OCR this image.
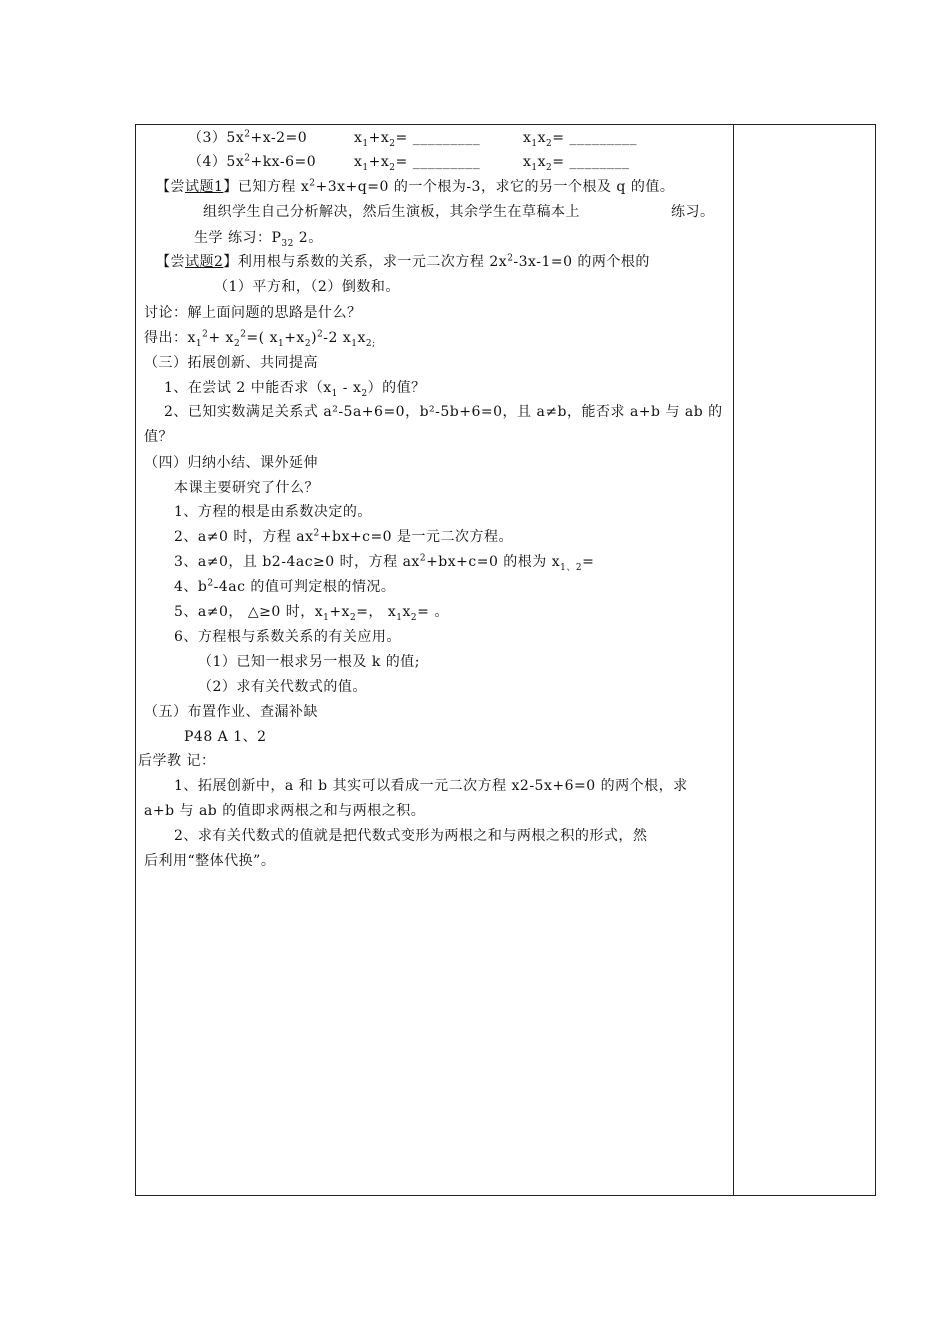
$(3)5x^2+x-2=0$	$x_1+x_2=$ _________	$x_1x_2=$ _________
$(4)5x^2+kx-6=0$	$x_1+x_2=$ _________	$x_1x_2=$ ________
【尝试题1】已知方程 $x^2+3x+q=0$ 的一个根为-3，求它的另一个根及 q 的值。
组织学生自己分析解决，然后生演板，其余学生在草稿本上	练习。
生学 练习：$P_{32}$ 2。
【尝试题2】利用根与系数的关系，求一元二次方程 $2x^2-3x-1=0$ 的两个根的
（1）平方和，（2）倒数和。
讨论：解上面问题的思路是什么？
得出：$x_1^2+ x_2^2=$( $x_1+x_2)^2-2$ $x_1x_{2;}$
（三）拓展创新、共同提高
1、在尝试 2 中能否求$(x_1 - x_2)$的值？
2、已知实数满足关系式 a²-5a+6=0，b²-5b+6=0，且 a≠b，能否求 a+b 与 ab 的
值？
（四）归纳小结、课外延伸
本课主要研究了什么？
1、方程的根是由系数决定的。
2、a≠0 时，方程 $ax^2+bx+c=0$ 是一元二次方程。
3、a≠0，且 b2-4ac≥0 时，方程 $ax^2+bx+c=0$ 的根为 $x_{1、2}=$
4、$b^2-4ac$ 的值可判定根的情况。
5、a≠0， △≥0 时，$x_1+x_2=$， $x_1x_2=$ 。
6、方程根与系数关系的有关应用。
（1）已知一根求另一根及 k 的值;
（2）求有关代数式的值。
（五）布置作业、查漏补缺
P48 A 1、2
后学教 记：
1、拓展创新中，a 和 b 其实可以看成一元二次方程 x2-5x+6=0 的两个根，求
a+b 与 ab 的值即求两根之和与两根之积。
2、求有关代数式的值就是把代数式变形为两根之和与两根之积的形式，然
后利用“整体代换”。
